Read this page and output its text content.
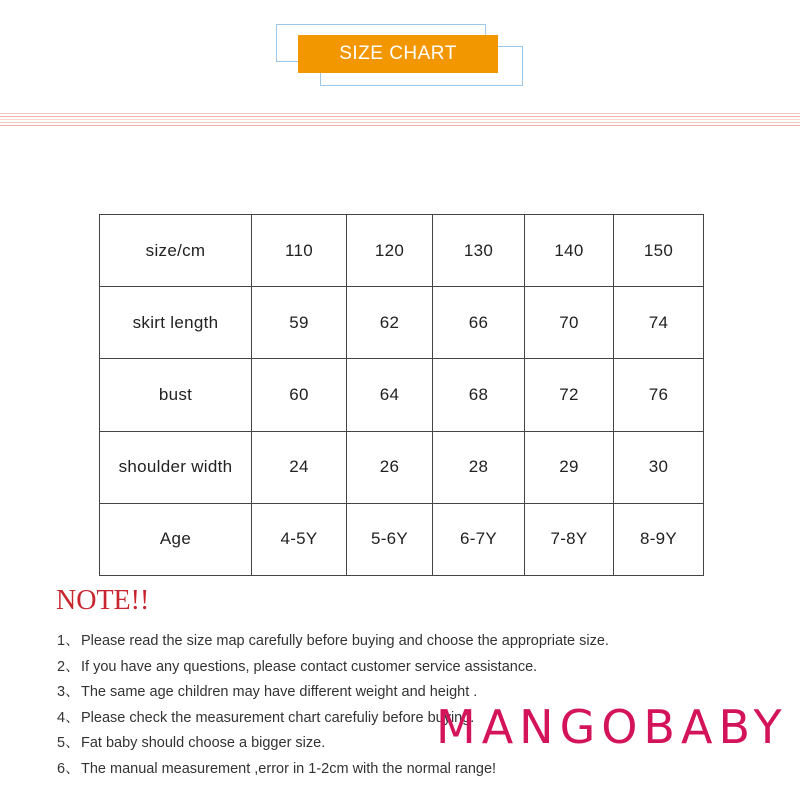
SIZE CHART
size/cm	110	120	130	140	150
skirt length	59	62	66	70	74
bust	60	64	68	72	76
shoulder width	24	26	28	29	30
Age	4-5Y	5-6Y	6-7Y	7-8Y	8-9Y
NOTE!!
1、Please read the size map carefully before buying and choose the appropriate size.
2、If you have any questions, please contact customer service assistance.
3、The same age children may have different weight and height .
4、Please check the measurement chart carefuliy before buying.
5、Fat baby should choose a bigger size.
6、The manual measurement ,error in 1-2cm with the normal range!
MANGOBABY
